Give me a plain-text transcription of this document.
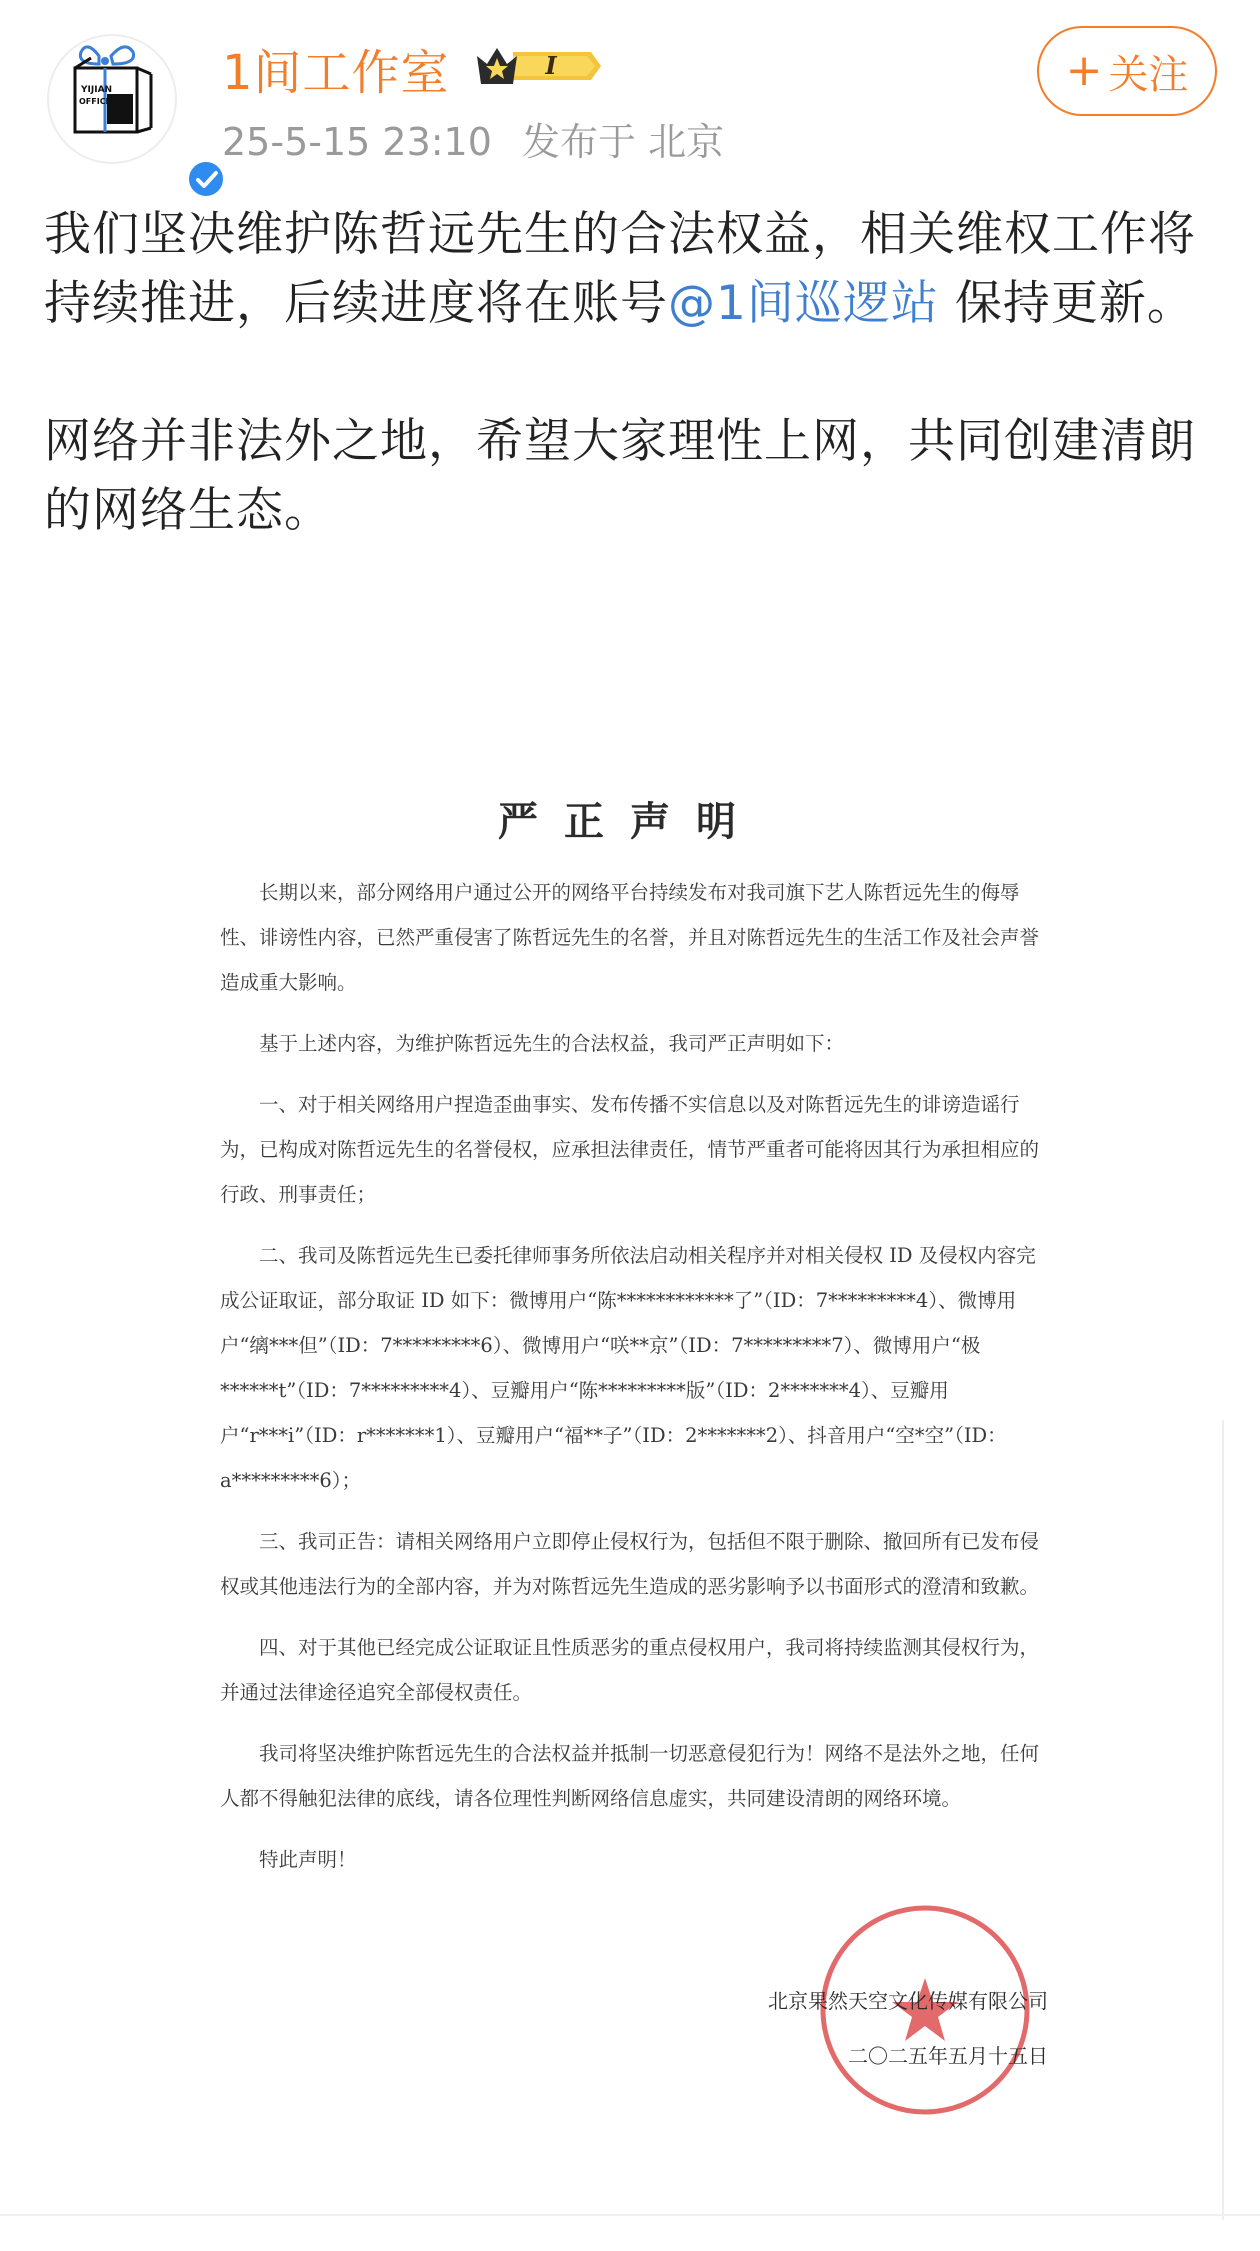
YIJIAN
OFFICIAL
1间工作室	I
25-5-15 23:10 发布于 北京
+ 关注

我们坚决维护陈哲远先生的合法权益，相关维权工作将持续推进，后续进度将在账号@1间巡逻站 保持更新。

网络并非法外之地，希望大家理性上网，共同创建清朗的网络生态。

严正声明

长期以来，部分网络用户通过公开的网络平台持续发布对我司旗下艺人陈哲远先生的侮辱性、诽谤性内容，已然严重侵害了陈哲远先生的名誉，并且对陈哲远先生的生活工作及社会声誉造成重大影响。

基于上述内容，为维护陈哲远先生的合法权益，我司严正声明如下：

一、对于相关网络用户捏造歪曲事实、发布传播不实信息以及对陈哲远先生的诽谤造谣行为，已构成对陈哲远先生的名誉侵权，应承担法律责任，情节严重者可能将因其行为承担相应的行政、刑事责任；

二、我司及陈哲远先生已委托律师事务所依法启动相关程序并对相关侵权 ID 及侵权内容完成公证取证，部分取证 ID 如下：微博用户“陈************了”（ID：7*********4）、微博用户“缡***但”（ID：7*********6）、微博用户“咲**京”（ID：7*********7）、微博用户“极******t”（ID：7*********4）、豆瓣用户“陈*********版”（ID：2*******4）、豆瓣用户“r***i”（ID：r*******1）、豆瓣用户“福**子”（ID：2*******2）、抖音用户“空*空”（ID：a*********6）；

三、我司正告：请相关网络用户立即停止侵权行为，包括但不限于删除、撤回所有已发布侵权或其他违法行为的全部内容，并为对陈哲远先生造成的恶劣影响予以书面形式的澄清和致歉。

四、对于其他已经完成公证取证且性质恶劣的重点侵权用户，我司将持续监测其侵权行为，并通过法律途径追究全部侵权责任。

我司将坚决维护陈哲远先生的合法权益并抵制一切恶意侵犯行为！网络不是法外之地，任何人都不得触犯法律的底线，请各位理性判断网络信息虚实，共同建设清朗的网络环境。

特此声明！

北京果然天空文化传媒有限公司
二〇二五年五月十五日
